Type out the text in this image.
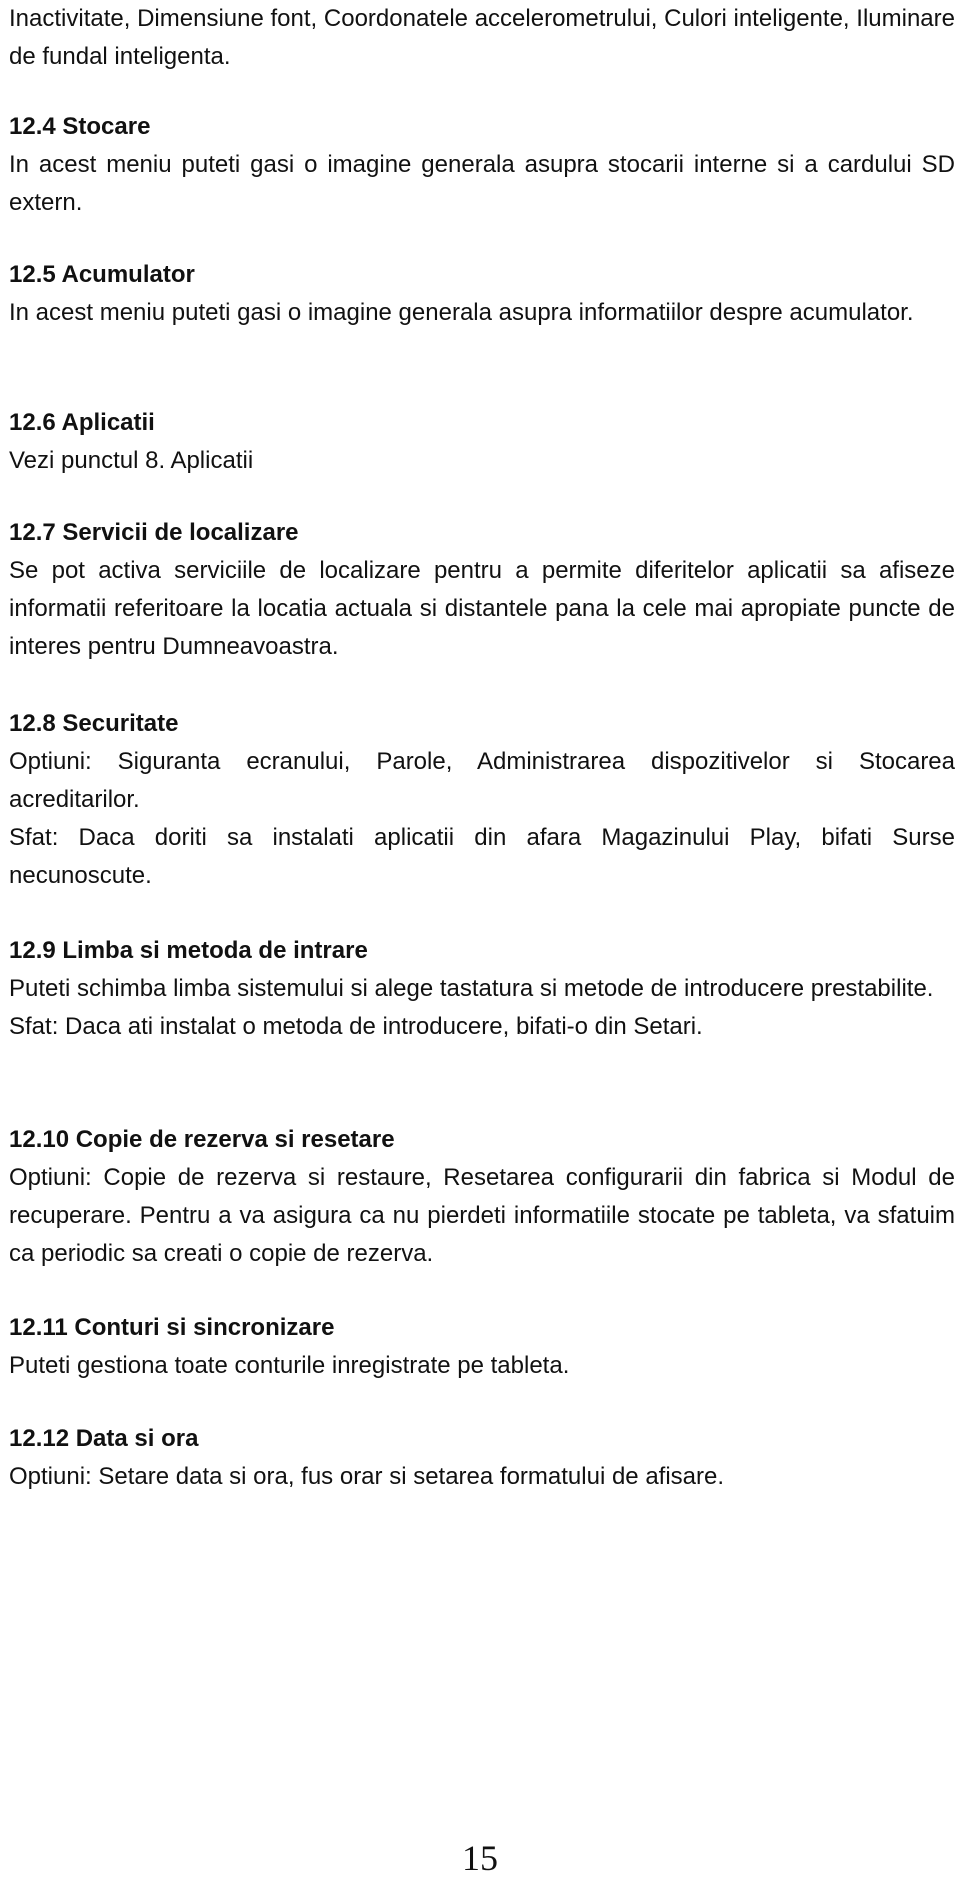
Inactivitate, Dimensiune font, Coordonatele accelerometrului, Culori inteligente, Iluminare de fundal inteligenta.

12.4 Stocare

In acest meniu puteti gasi o imagine generala asupra stocarii interne si a cardului SD extern.

12.5 Acumulator

In acest meniu puteti gasi o imagine generala asupra informatiilor despre acumulator.

12.6 Aplicatii

Vezi punctul 8. Aplicatii

12.7 Servicii de localizare

Se pot activa serviciile de localizare pentru a permite diferitelor aplicatii sa afiseze informatii referitoare la locatia actuala si distantele pana la cele mai apropiate puncte de interes pentru Dumneavoastra.

12.8 Securitate

Optiuni: Siguranta ecranului, Parole, Administrarea dispozitivelor si Stocarea acreditarilor.

Sfat: Daca doriti sa instalati aplicatii din afara Magazinului Play, bifati Surse necunoscute.

12.9 Limba si metoda de intrare

Puteti schimba limba sistemului si alege tastatura si metode de introducere prestabilite.

Sfat: Daca ati instalat o metoda de introducere, bifati-o din Setari.

12.10 Copie de rezerva si resetare

Optiuni: Copie de rezerva si restaure, Resetarea configurarii din fabrica si Modul de recuperare. Pentru a va asigura ca nu pierdeti informatiile stocate pe tableta, va sfatuim ca periodic sa creati o copie de rezerva.

12.11 Conturi si sincronizare

Puteti gestiona toate conturile inregistrate pe tableta.

12.12 Data si ora

Optiuni: Setare data si ora, fus orar si setarea formatului de afisare.

15
